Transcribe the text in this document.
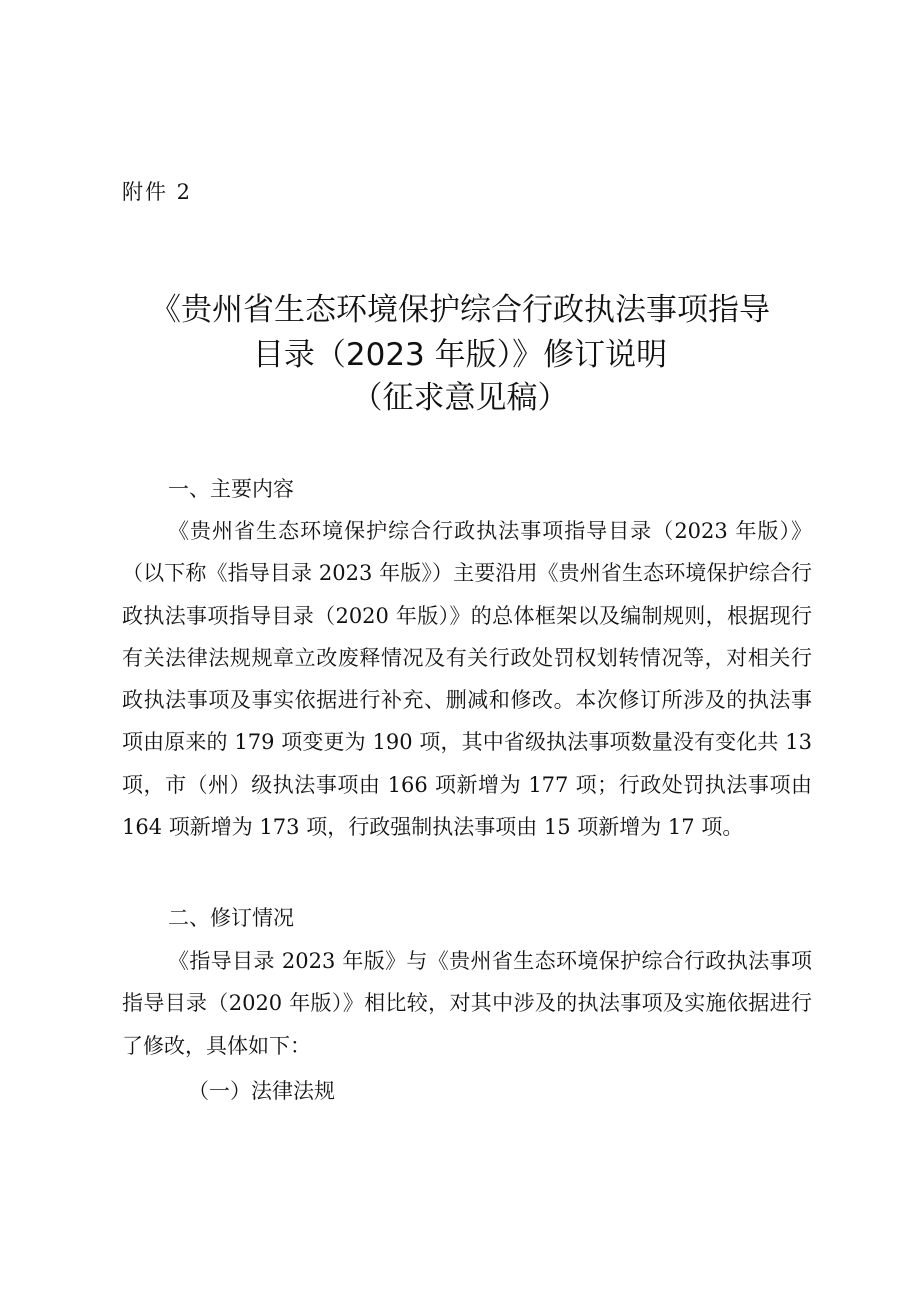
附件 2
《贵州省生态环境保护综合行政执法事项指导
目录（2023 年版）》修订说明
（征求意见稿）
一、主要内容

《贵州省生态环境保护综合行政执法事项指导目录（2023 年版）》（以下称《指导目录 2023 年版》）主要沿用《贵州省生态环境保护综合行政执法事项指导目录（2020 年版）》的总体框架以及编制规则，根据现行有关法律法规规章立改废释情况及有关行政处罚权划转情况等，对相关行政执法事项及事实依据进行补充、删减和修改。本次修订所涉及的执法事项由原来的 179 项变更为 190 项，其中省级执法事项数量没有变化共 13 项，市（州）级执法事项由 166 项新增为 177 项；行政处罚执法事项由 164 项新增为 173 项，行政强制执法事项由 15 项新增为 17 项。

二、修订情况

《指导目录 2023 年版》与《贵州省生态环境保护综合行政执法事项指导目录（2020 年版）》相比较，对其中涉及的执法事项及实施依据进行了修改，具体如下：

（一）法律法规
